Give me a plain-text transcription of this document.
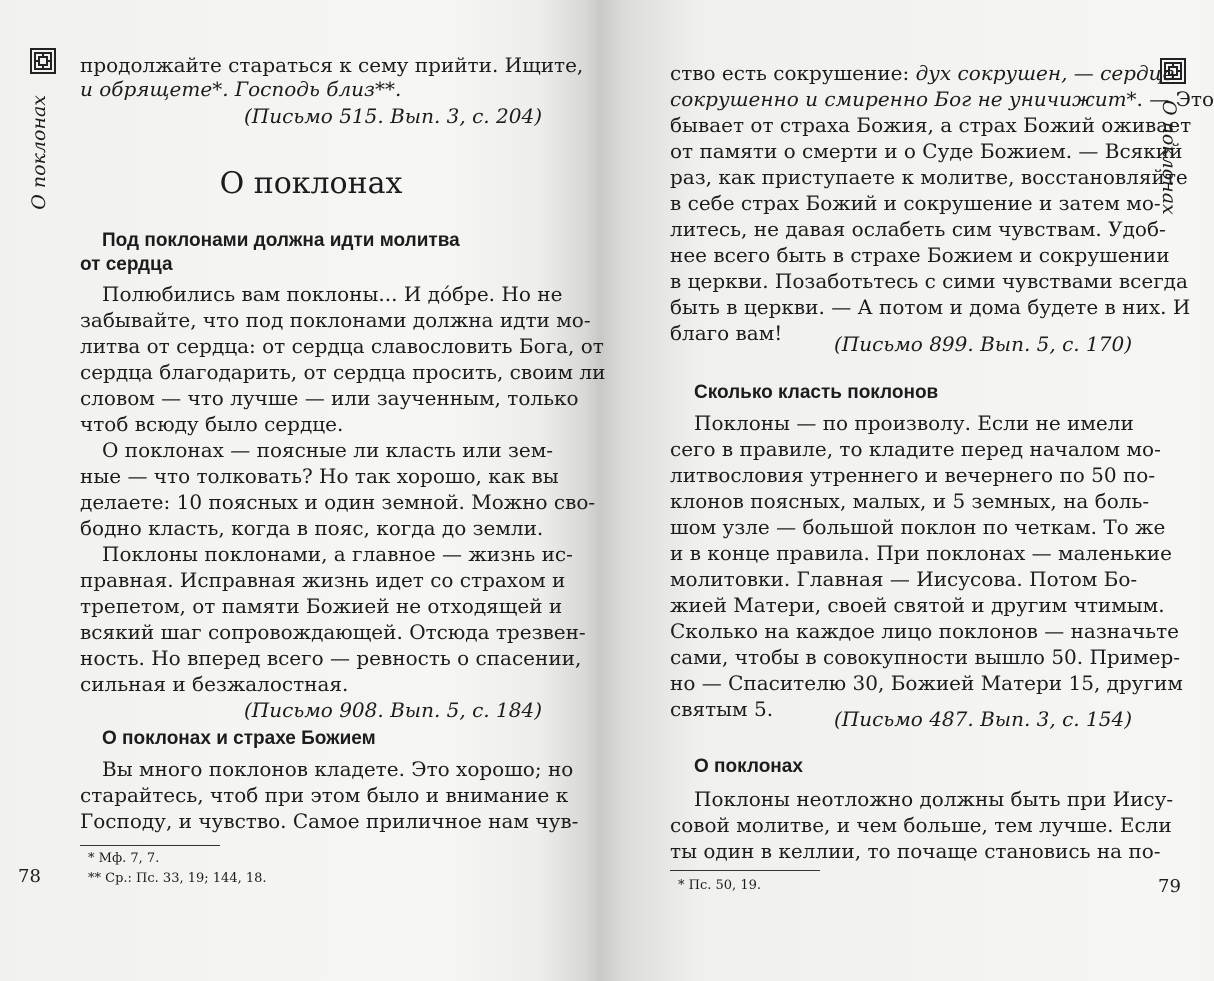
О поклонах
продолжайте стараться к сему прийти. Ищите,
и обрящете*. Господь близ**.
(Письмо 515. Вып. 3, с. 204)
О поклонах
Под поклонами должна идти молитва
от сердца
Полюбились вам поклоны... И до́бре. Но не
забывайте, что под поклонами должна идти мо-
литва от сердца: от сердца славословить Бога, от
сердца благодарить, от сердца просить, своим ли
словом — что лучше — или заученным, только
чтоб всюду было сердце.
О поклонах — поясные ли класть или зем-
ные — что толковать? Но так хорошо, как вы
делаете: 10 поясных и один земной. Можно сво-
бодно класть, когда в пояс, когда до земли.
Поклоны поклонами, а главное — жизнь ис-
правная. Исправная жизнь идет со страхом и
трепетом, от памяти Божией не отходящей и
всякий шаг сопровождающей. Отсюда трезвен-
ность. Но вперед всего — ревность о спасении,
сильная и безжалостная.
(Письмо 908. Вып. 5, с. 184)
О поклонах и страхе Божием
Вы много поклонов кладете. Это хорошо; но
старайтесь, чтоб при этом было и внимание к
Господу, и чувство. Самое приличное нам чув-
* Мф. 7, 7.
** Ср.: Пс. 33, 19; 144, 18.
78
ство есть сокрушение: дух сокрушен, — сердце
сокрушенно и смиренно Бог не уничижит*. — Это
бывает от страха Божия, а страх Божий оживает
от памяти о смерти и о Суде Божием. — Всякий
раз, как приступаете к молитве, восстановляйте
в себе страх Божий и сокрушение и затем мо-
литесь, не давая ослабеть сим чувствам. Удоб-
нее всего быть в страхе Божием и сокрушении
в церкви. Позаботьтесь с сими чувствами всегда
быть в церкви. — А потом и дома будете в них. И
благо вам!	(Письмо 899. Вып. 5, с. 170)
Сколько класть поклонов
Поклоны — по произволу. Если не имели
сего в правиле, то кладите перед началом мо-
литвословия утреннего и вечернего по 50 по-
клонов поясных, малых, и 5 земных, на боль-
шом узле — большой поклон по четкам. То же
и в конце правила. При поклонах — маленькие
молитовки. Главная — Иисусова. Потом Бо-
жией Матери, своей святой и другим чтимым.
Сколько на каждое лицо поклонов — назначьте
сами, чтобы в совокупности вышло 50. Пример-
но — Спасителю 30, Божией Матери 15, другим
святым 5.	(Письмо 487. Вып. 3, с. 154)
О поклонах
Поклоны неотложно должны быть при Иису-
совой молитве, и чем больше, тем лучше. Если
ты один в келлии, то почаще становись на по-
* Пс. 50, 19.	79
О поклонах
